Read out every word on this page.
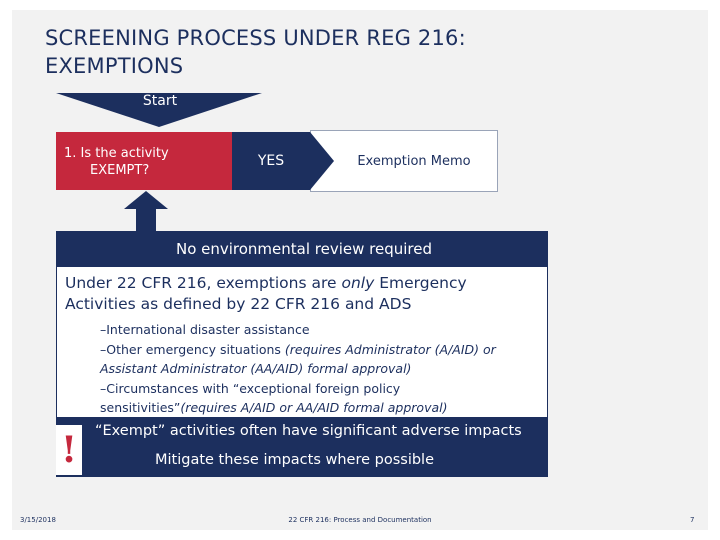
SCREENING PROCESS UNDER REG 216:
EXEMPTIONS
Start
1. Is the activity
EXEMPT?
YES	Exemption Memo
No environmental review required
Under 22 CFR 216, exemptions are only Emergency Activities as defined by 22 CFR 216 and ADS
–International disaster assistance
–Other emergency situations (requires Administrator (A/AID) or Assistant Administrator (AA/AID) formal approval)
–Circumstances with “exceptional foreign policy sensitivities”(requires A/AID or AA/AID formal approval)
!	“Exempt” activities often have significant adverse impacts
Mitigate these impacts where possible
3/15/2018	22 CFR 216: Process and Documentation	7
